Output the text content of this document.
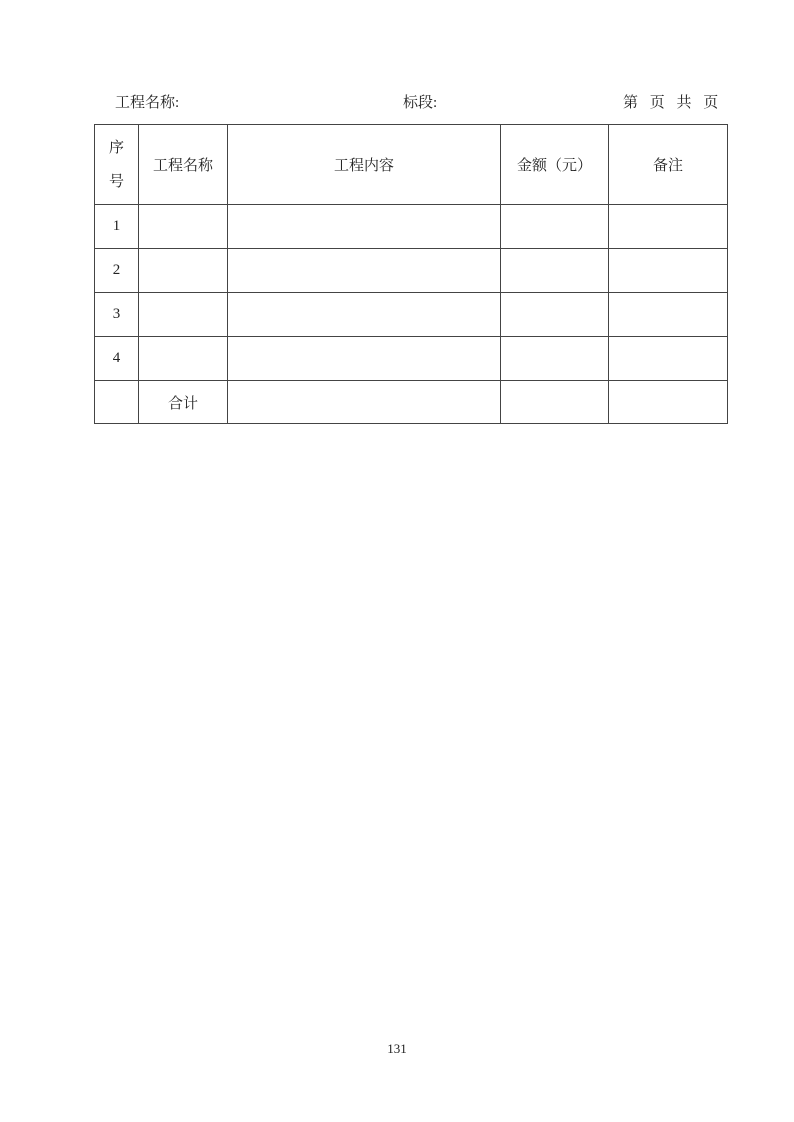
工程名称:	标段:	第 页 共 页
序号	工程名称	工程内容	金额（元）	备注
1				
2				
3				
4				
	合计			
131
